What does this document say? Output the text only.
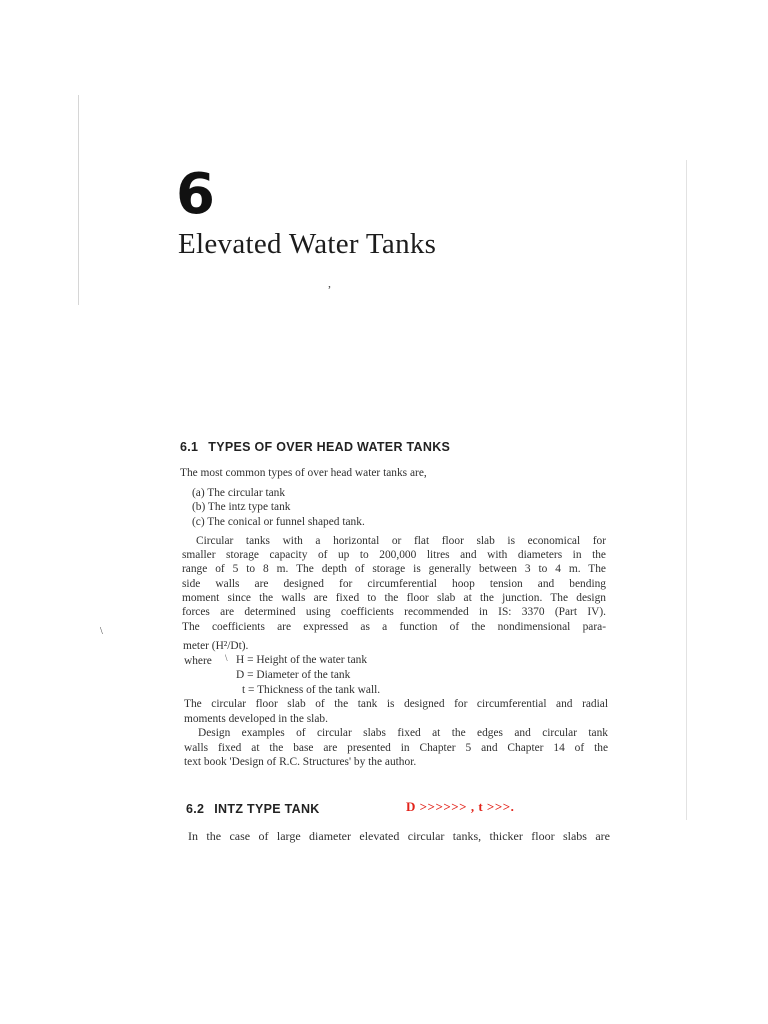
6
Elevated Water Tanks
,
\
6.1 TYPES OF OVER HEAD WATER TANKS
The most common types of over head water tanks are,
(a) The circular tank
(b) The intz type tank
(c) The conical or funnel shaped tank.
Circular tanks with a horizontal or flat floor slab is economical for
smaller storage capacity of up to 200,000 litres and with diameters in the
range of 5 to 8 m. The depth of storage is generally between 3 to 4 m. The
side walls are designed for circumferential hoop tension and bending
moment since the walls are fixed to the floor slab at the junction. The design
forces are determined using coefficients recommended in IS: 3370 (Part IV).
The coefficients are expressed as a function of the nondimensional para-
meter (H²/Dt).
where \ H = Height of the water tank
D = Diameter of the tank
t = Thickness of the tank wall.
The circular floor slab of the tank is designed for circumferential and radial
moments developed in the slab.
Design examples of circular slabs fixed at the edges and circular tank
walls fixed at the base are presented in Chapter 5 and Chapter 14 of the
text book 'Design of R.C. Structures' by the author.
6.2 INTZ TYPE TANK	D >>>>>> , t >>>.
In the case of large diameter elevated circular tanks, thicker floor slabs are
